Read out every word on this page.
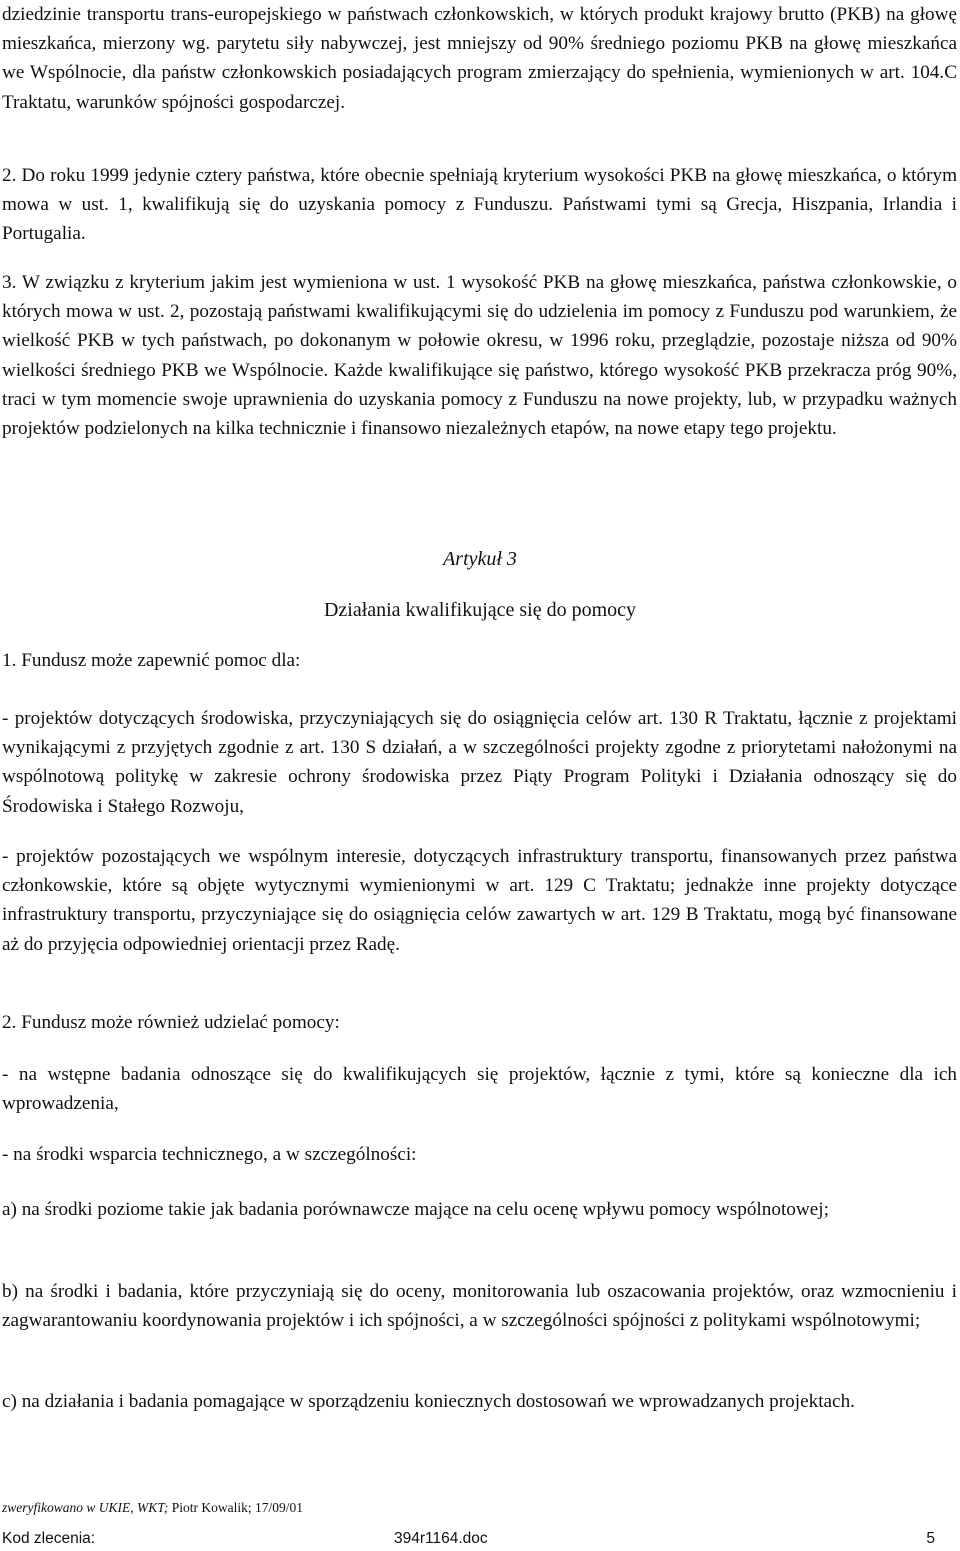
dziedzinie transportu trans-europejskiego w państwach członkowskich, w których produkt krajowy brutto (PKB) na głowę mieszkańca, mierzony wg. parytetu siły nabywczej, jest mniejszy od 90% średniego poziomu PKB na głowę mieszkańca we Wspólnocie, dla państw członkowskich posiadających program zmierzający do spełnienia, wymienionych w art. 104.C Traktatu, warunków spójności gospodarczej.

2. Do roku 1999 jedynie cztery państwa, które obecnie spełniają kryterium wysokości PKB na głowę mieszkańca, o którym mowa w ust. 1, kwalifikują się do uzyskania pomocy z Funduszu. Państwami tymi są Grecja, Hiszpania, Irlandia i Portugalia.

3. W związku z kryterium jakim jest wymieniona w ust. 1 wysokość PKB na głowę mieszkańca, państwa członkowskie, o których mowa w ust. 2, pozostają państwami kwalifikującymi się do udzielenia im pomocy z Funduszu pod warunkiem, że wielkość PKB w tych państwach, po dokonanym w połowie okresu, w 1996 roku, przeglądzie, pozostaje niższa od 90% wielkości średniego PKB we Wspólnocie. Każde kwalifikujące się państwo, którego wysokość PKB przekracza próg 90%, traci w tym momencie swoje uprawnienia do uzyskania pomocy z Funduszu na nowe projekty, lub, w przypadku ważnych projektów podzielonych na kilka technicznie i finansowo niezależnych etapów, na nowe etapy tego projektu.

Artykuł 3

Działania kwalifikujące się do pomocy

1. Fundusz może zapewnić pomoc dla:

- projektów dotyczących środowiska, przyczyniających się do osiągnięcia celów art. 130 R Traktatu, łącznie z projektami wynikającymi z przyjętych zgodnie z art. 130 S działań, a w szczególności projekty zgodne z priorytetami nałożonymi na wspólnotową politykę w zakresie ochrony środowiska przez Piąty Program Polityki i Działania odnoszący się do Środowiska i Stałego Rozwoju,

- projektów pozostających we wspólnym interesie, dotyczących infrastruktury transportu, finansowanych przez państwa członkowskie, które są objęte wytycznymi wymienionymi w art. 129 C Traktatu; jednakże inne projekty dotyczące infrastruktury transportu, przyczyniające się do osiągnięcia celów zawartych w art. 129 B Traktatu, mogą być finansowane aż do przyjęcia odpowiedniej orientacji przez Radę.

2. Fundusz może również udzielać pomocy:

- na wstępne badania odnoszące się do kwalifikujących się projektów, łącznie z tymi, które są konieczne dla ich wprowadzenia,

- na środki wsparcia technicznego, a w szczególności:

a) na środki poziome takie jak badania porównawcze mające na celu ocenę wpływu pomocy wspólnotowej;

b) na środki i badania, które przyczyniają się do oceny, monitorowania lub oszacowania projektów, oraz wzmocnieniu i zagwarantowaniu koordynowania projektów i ich spójności, a w szczególności spójności z politykami wspólnotowymi;

c) na działania i badania pomagające w sporządzeniu koniecznych dostosowań we wprowadzanych projektach.

zweryfikowano w UKIE, WKT; Piotr Kowalik; 17/09/01

Kod zlecenia:	394r1164.doc	5
